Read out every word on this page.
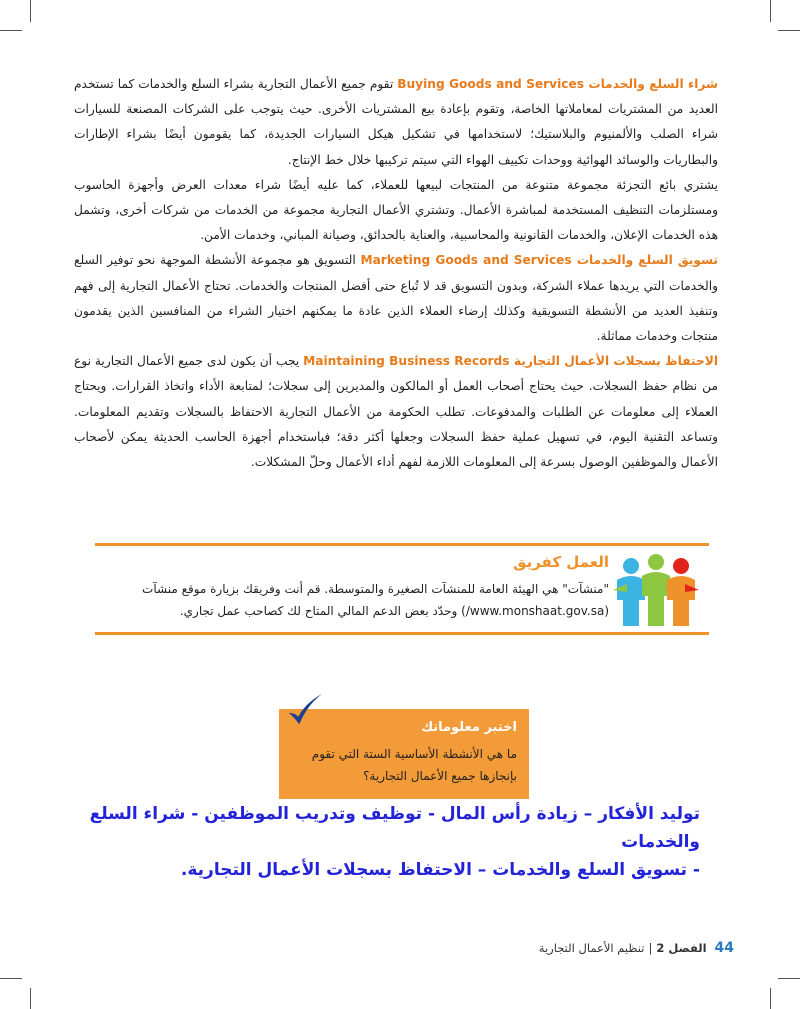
شراء السلع والخدمات Buying Goods and Services تقوم جميع الأعمال التجارية بشراء السلع والخدمات كما تستخدم العديد من المشتريات لمعاملاتها الخاصة، وتقوم بإعادة بيع المشتريات الأخرى. حيث يتوجب على الشركات المصنعة للسيارات شراء الصلب والألمنيوم والبلاستيك؛ لاستخدامها في تشكيل هيكل السيارات الجديدة، كما يقومون أيضًا بشراء الإطارات والبطاريات والوسائد الهوائية ووحدات تكييف الهواء التي سيتم تركيبها خلال خط الإنتاج.

يشتري بائع التجزئة مجموعة متنوعة من المنتجات لبيعها للعملاء، كما عليه أيضًا شراء معدات العرض وأجهزة الحاسوب ومستلزمات التنظيف المستخدمة لمباشرة الأعمال. وتشتري الأعمال التجارية مجموعة من الخدمات من شركات أخرى، وتشمل هذه الخدمات الإعلان، والخدمات القانونية والمحاسبية، والعناية بالحدائق، وصيانة المباني، وخدمات الأمن.

تسويق السلع والخدمات Marketing Goods and Services التسويق هو مجموعة الأنشطة الموجهة نحو توفير السلع والخدمات التي يريدها عملاء الشركة، وبدون التسويق قد لا تُباع حتى أفضل المنتجات والخدمات. تحتاج الأعمال التجارية إلى فهم وتنفيذ العديد من الأنشطة التسويقية وكذلك إرضاء العملاء الذين عادة ما يمكنهم اختيار الشراء من المنافسين الذين يقدمون منتجات وخدمات مماثلة.

الاحتفاظ بسجلات الأعمال التجارية Maintaining Business Records يجب أن يكون لدى جميع الأعمال التجارية نوع من نظام حفظ السجلات. حيث يحتاج أصحاب العمل أو المالكون والمديرين إلى سجلات؛ لمتابعة الأداء واتخاذ القرارات. ويحتاج العملاء إلى معلومات عن الطلبات والمدفوعات. تطلب الحكومة من الأعمال التجارية الاحتفاظ بالسجلات وتقديم المعلومات. وتساعد التقنية اليوم، في تسهيل عملية حفظ السجلات وجعلها أكثر دقة؛ فباستخدام أجهزة الحاسب الحديثة يمكن لأصحاب الأعمال والموظفين الوصول بسرعة إلى المعلومات اللازمة لفهم أداء الأعمال وحلّ المشكلات.

العمل كفريق
"منشآت" هي الهيئة العامة للمنشآت الصغيرة والمتوسطة. قم أنت وفريقك بزيارة موقع منشآت (www.monshaat.gov.sa/) وحدّد بعض الدعم المالي المتاح لك كصاحب عمل تجاري.
اختبر معلوماتك
ما هي الأنشطة الأساسية الستة التي تقوم بإنجازها جميع الأعمال التجارية؟
توليد الأفكار – زيادة رأس المال - توظيف وتدريب الموظفين - شراء السلع والخدمات
- تسويق السلع والخدمات – الاحتفاظ بسجلات الأعمال التجارية.
44الفصل 2|تنظيم الأعمال التجارية
